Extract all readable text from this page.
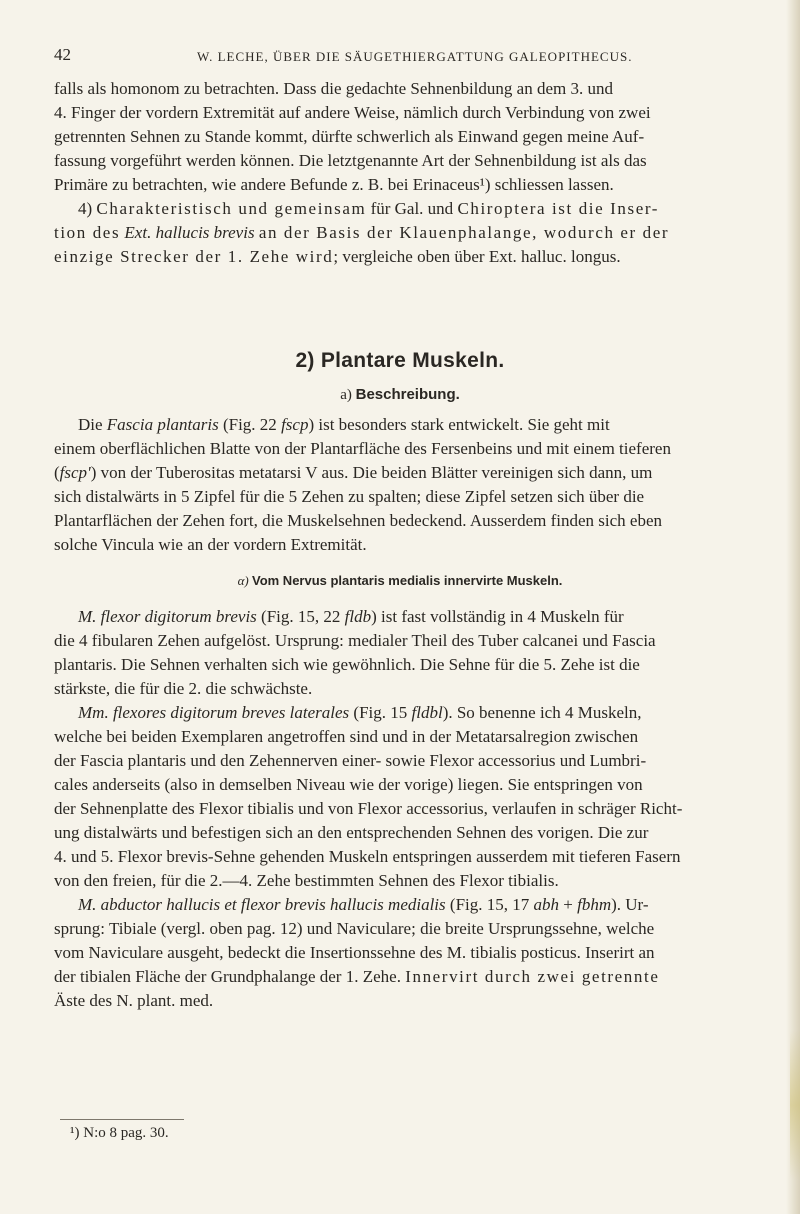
42	W. LECHE, ÜBER DIE SÄUGETHIERGATTUNG GALEOPITHECUS.
falls als homonom zu betrachten. Dass die gedachte Sehnenbildung an dem 3. und
4. Finger der vordern Extremität auf andere Weise, nämlich durch Verbindung von zwei
getrennten Sehnen zu Stande kommt, dürfte schwerlich als Einwand gegen meine Auf-
fassung vorgeführt werden können. Die letztgenannte Art der Sehnenbildung ist als das
Primäre zu betrachten, wie andere Befunde z. B. bei Erinaceus¹) schliessen lassen.
4) Charakteristisch und gemeinsam für Gal. und Chiroptera ist die Inser-
tion des Ext. hallucis brevis an der Basis der Klauenphalange, wodurch er der
einzige Strecker der 1. Zehe wird; vergleiche oben über Ext. halluc. longus.
2) Plantare Muskeln.
a) Beschreibung.
Die Fascia plantaris (Fig. 22 fscp) ist besonders stark entwickelt. Sie geht mit
einem oberflächlichen Blatte von der Plantarfläche des Fersenbeins und mit einem tieferen
(fscp') von der Tuberositas metatarsi V aus. Die beiden Blätter vereinigen sich dann, um
sich distalwärts in 5 Zipfel für die 5 Zehen zu spalten; diese Zipfel setzen sich über die
Plantarflächen der Zehen fort, die Muskelsehnen bedeckend. Ausserdem finden sich eben
solche Vincula wie an der vordern Extremität.
α) Vom Nervus plantaris medialis innervirte Muskeln.
M. flexor digitorum brevis (Fig. 15, 22 fldb) ist fast vollständig in 4 Muskeln für
die 4 fibularen Zehen aufgelöst. Ursprung: medialer Theil des Tuber calcanei und Fascia
plantaris. Die Sehnen verhalten sich wie gewöhnlich. Die Sehne für die 5. Zehe ist die
stärkste, die für die 2. die schwächste.
Mm. flexores digitorum breves laterales (Fig. 15 fldbl). So benenne ich 4 Muskeln,
welche bei beiden Exemplaren angetroffen sind und in der Metatarsalregion zwischen
der Fascia plantaris und den Zehennerven einer- sowie Flexor accessorius und Lumbri-
cales anderseits (also in demselben Niveau wie der vorige) liegen. Sie entspringen von
der Sehnenplatte des Flexor tibialis und von Flexor accessorius, verlaufen in schräger Richt-
ung distalwärts und befestigen sich an den entsprechenden Sehnen des vorigen. Die zur
4. und 5. Flexor brevis-Sehne gehenden Muskeln entspringen ausserdem mit tieferen Fasern
von den freien, für die 2.—4. Zehe bestimmten Sehnen des Flexor tibialis.
M. abductor hallucis et flexor brevis hallucis medialis (Fig. 15, 17 abh + fbhm). Ur-
sprung: Tibiale (vergl. oben pag. 12) und Naviculare; die breite Ursprungssehne, welche
vom Naviculare ausgeht, bedeckt die Insertionssehne des M. tibialis posticus. Inserirt an
der tibialen Fläche der Grundphalange der 1. Zehe. Innervirt durch zwei getrennte
Äste des N. plant. med.
¹) N:o 8 pag. 30.
